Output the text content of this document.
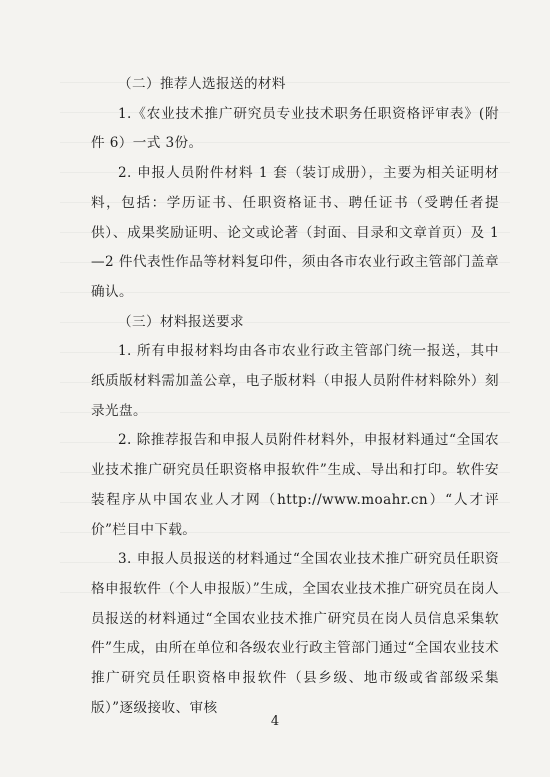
（二）推荐人选报送的材料

1.《农业技术推广研究员专业技术职务任职资格评审表》(附件 6）一式 3份。

2. 申报人员附件材料 1 套（装订成册），主要为相关证明材料，包括：学历证书、任职资格证书、聘任证书（受聘任者提供）、成果奖励证明、论文或论著（封面、目录和文章首页）及 1—2 件代表性作品等材料复印件，须由各市农业行政主管部门盖章确认。

（三）材料报送要求

1. 所有申报材料均由各市农业行政主管部门统一报送，其中纸质版材料需加盖公章，电子版材料（申报人员附件材料除外）刻录光盘。

2. 除推荐报告和申报人员附件材料外，申报材料通过“全国农业技术推广研究员任职资格申报软件”生成、导出和打印。软件安装程序从中国农业人才网（http://www.moahr.cn）“人才评价”栏目中下载。

3. 申报人员报送的材料通过“全国农业技术推广研究员任职资格申报软件（个人申报版）”生成，全国农业技术推广研究员在岗人员报送的材料通过“全国农业技术推广研究员在岗人员信息采集软件”生成，由所在单位和各级农业行政主管部门通过“全国农业技术推广研究员任职资格申报软件（县乡级、地市级或省部级采集版）”逐级接收、审核

4
